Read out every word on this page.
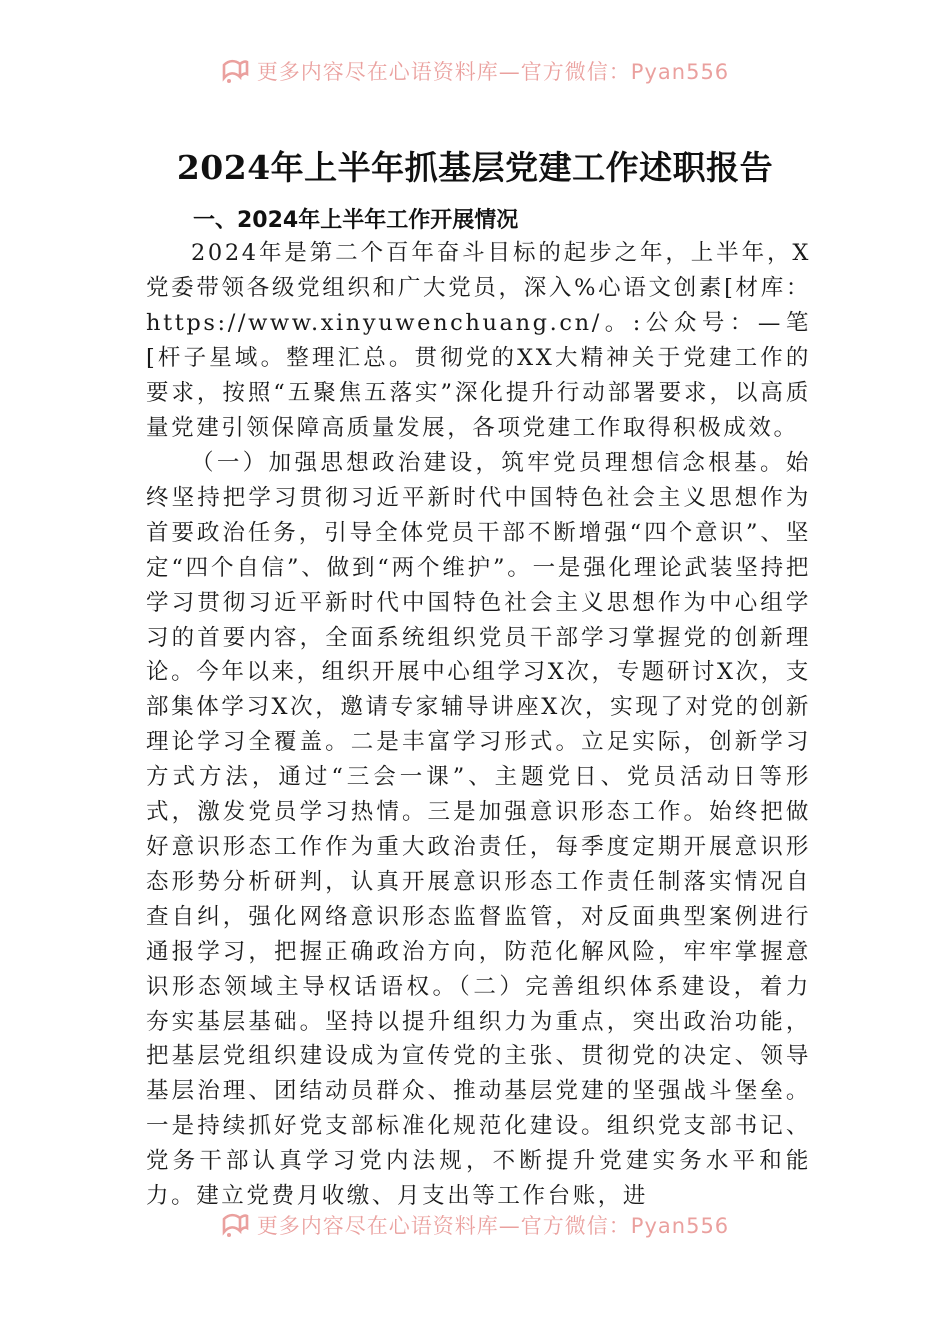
更多内容尽在心语资料库—官方微信：Pyan556
2024年上半年抓基层党建工作述职报告
一、2024年上半年工作开展情况

2024年是第二个百年奋斗目标的起步之年，上半年，X党委带领各级党组织和广大党员，深入%心语文创素[材库：https://www.xinyuwenchuang.cn/。:公众号：—笔[杆子星域。整理汇总。贯彻党的XX大精神关于党建工作的要求，按照“五聚焦五落实”深化提升行动部署要求，以高质量党建引领保障高质量发展，各项党建工作取得积极成效。

（一）加强思想政治建设，筑牢党员理想信念根基。始终坚持把学习贯彻习近平新时代中国特色社会主义思想作为首要政治任务，引导全体党员干部不断增强“四个意识”、坚定“四个自信”、做到“两个维护”。一是强化理论武装坚持把学习贯彻习近平新时代中国特色社会主义思想作为中心组学习的首要内容，全面系统组织党员干部学习掌握党的创新理论。今年以来，组织开展中心组学习X次，专题研讨X次，支部集体学习X次，邀请专家辅导讲座X次，实现了对党的创新理论学习全覆盖。二是丰富学习形式。立足实际，创新学习方式方法，通过“三会一课”、主题党日、党员活动日等形式，激发党员学习热情。三是加强意识形态工作。始终把做好意识形态工作作为重大政治责任，每季度定期开展意识形态形势分析研判，认真开展意识形态工作责任制落实情况自查自纠，强化网络意识形态监督监管，对反面典型案例进行通报学习，把握正确政治方向，防范化解风险，牢牢掌握意识形态领域主导权话语权。（二）完善组织体系建设，着力夯实基层基础。坚持以提升组织力为重点，突出政治功能，把基层党组织建设成为宣传党的主张、贯彻党的决定、领导基层治理、团结动员群众、推动基层党建的坚强战斗堡垒。一是持续抓好党支部标准化规范化建设。组织党支部书记、党务干部认真学习党内法规，不断提升党建实务水平和能力。建立党费月收缴、月支出等工作台账，进

更多内容尽在心语资料库—官方微信：Pyan556
